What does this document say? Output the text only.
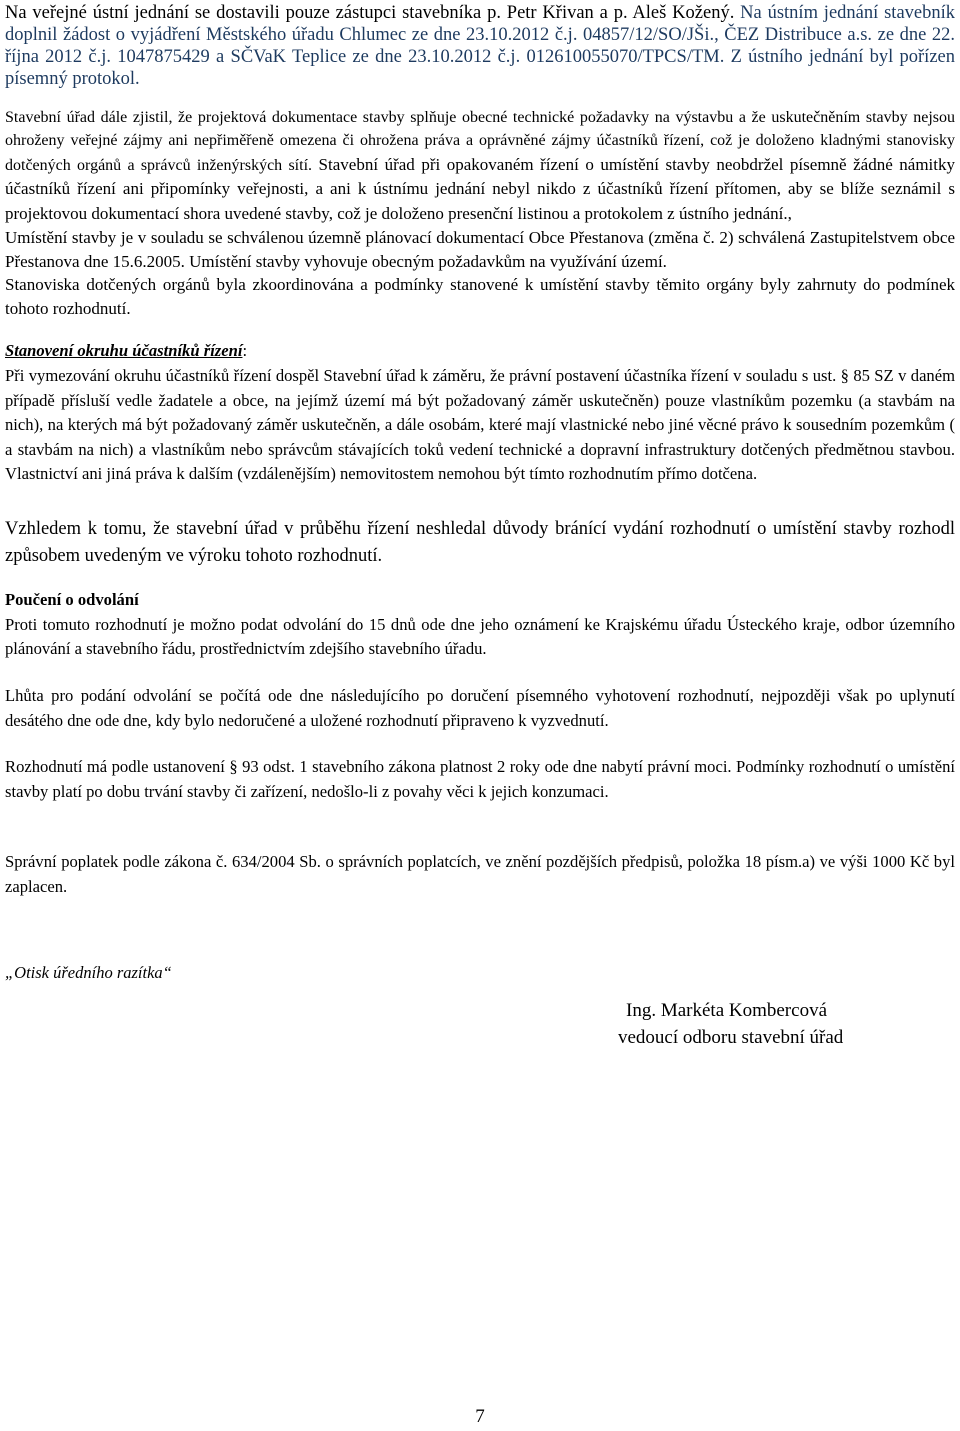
Na veřejné ústní jednání se dostavili pouze zástupci stavebníka p. Petr Křivan a p. Aleš Kožený. Na ústním jednání stavebník doplnil žádost o vyjádření Městského úřadu Chlumec ze dne 23.10.2012 č.j. 04857/12/SO/JŠi., ČEZ Distribuce a.s. ze dne 22. října 2012 č.j. 1047875429 a SČVaK Teplice ze dne 23.10.2012 č.j. 012610055070/TPCS/TM. Z ústního jednání byl pořízen písemný protokol.

Stavební úřad dále zjistil, že projektová dokumentace stavby splňuje obecné technické požadavky na výstavbu a že uskutečněním stavby nejsou ohroženy veřejné zájmy ani nepřiměřeně omezena či ohrožena práva a oprávněné zájmy účastníků řízení, což je doloženo kladnými stanovisky dotčených orgánů a správců inženýrských sítí. Stavební úřad při opakovaném řízení o umístění stavby neobdržel písemně žádné námitky účastníků řízení ani připomínky veřejnosti, a ani k ústnímu jednání nebyl nikdo z účastníků řízení přítomen, aby se blíže seznámil s projektovou dokumentací shora uvedené stavby, což je doloženo presenční listinou a protokolem z ústního jednání.,

Umístění stavby je v souladu se schválenou územně plánovací dokumentací Obce Přestanova (změna č. 2) schválená Zastupitelstvem obce Přestanova dne 15.6.2005. Umístění stavby vyhovuje obecným požadavkům na využívání území.

Stanoviska dotčených orgánů byla zkoordinována a podmínky stanovené k umístění stavby těmito orgány byly zahrnuty do podmínek tohoto rozhodnutí.

Stanovení okruhu účastníků řízení:

Při vymezování okruhu účastníků řízení dospěl Stavební úřad k záměru, že právní postavení účastníka řízení v souladu s ust. § 85 SZ v daném případě přísluší vedle žadatele a obce, na jejímž území má být požadovaný záměr uskutečněn) pouze vlastníkům pozemku (a stavbám na nich), na kterých má být požadovaný záměr uskutečněn, a dále osobám, které mají vlastnické nebo jiné věcné právo k sousedním pozemkům ( a stavbám na nich) a vlastníkům nebo správcům stávajících toků vedení technické a dopravní infrastruktury dotčených předmětnou stavbou. Vlastnictví ani jiná práva k dalším (vzdálenějším) nemovitostem nemohou být tímto rozhodnutím přímo dotčena.

Vzhledem k tomu, že stavební úřad v průběhu řízení neshledal důvody bránící vydání rozhodnutí o umístění stavby rozhodl způsobem uvedeným ve výroku tohoto rozhodnutí.

Poučení o odvolání

Proti tomuto rozhodnutí je možno podat odvolání do 15 dnů ode dne jeho oznámení ke Krajskému úřadu Ústeckého kraje, odbor územního plánování a stavebního řádu, prostřednictvím zdejšího stavebního úřadu.

Lhůta pro podání odvolání se počítá ode dne následujícího po doručení písemného vyhotovení rozhodnutí, nejpozději však po uplynutí desátého dne ode dne, kdy bylo nedoručené a uložené rozhodnutí připraveno k vyzvednutí.

Rozhodnutí má podle ustanovení § 93 odst. 1 stavebního zákona platnost 2 roky ode dne nabytí právní moci. Podmínky rozhodnutí o umístění stavby platí po dobu trvání stavby či zařízení, nedošlo-li z povahy věci k jejich konzumaci.

Správní poplatek podle zákona č. 634/2004 Sb. o správních poplatcích, ve znění pozdějších předpisů, položka 18 písm.a) ve výši 1000 Kč byl zaplacen.

„Otisk úředního razítka“

Ing. Markéta Kombercová
vedoucí odboru stavební úřad
7
